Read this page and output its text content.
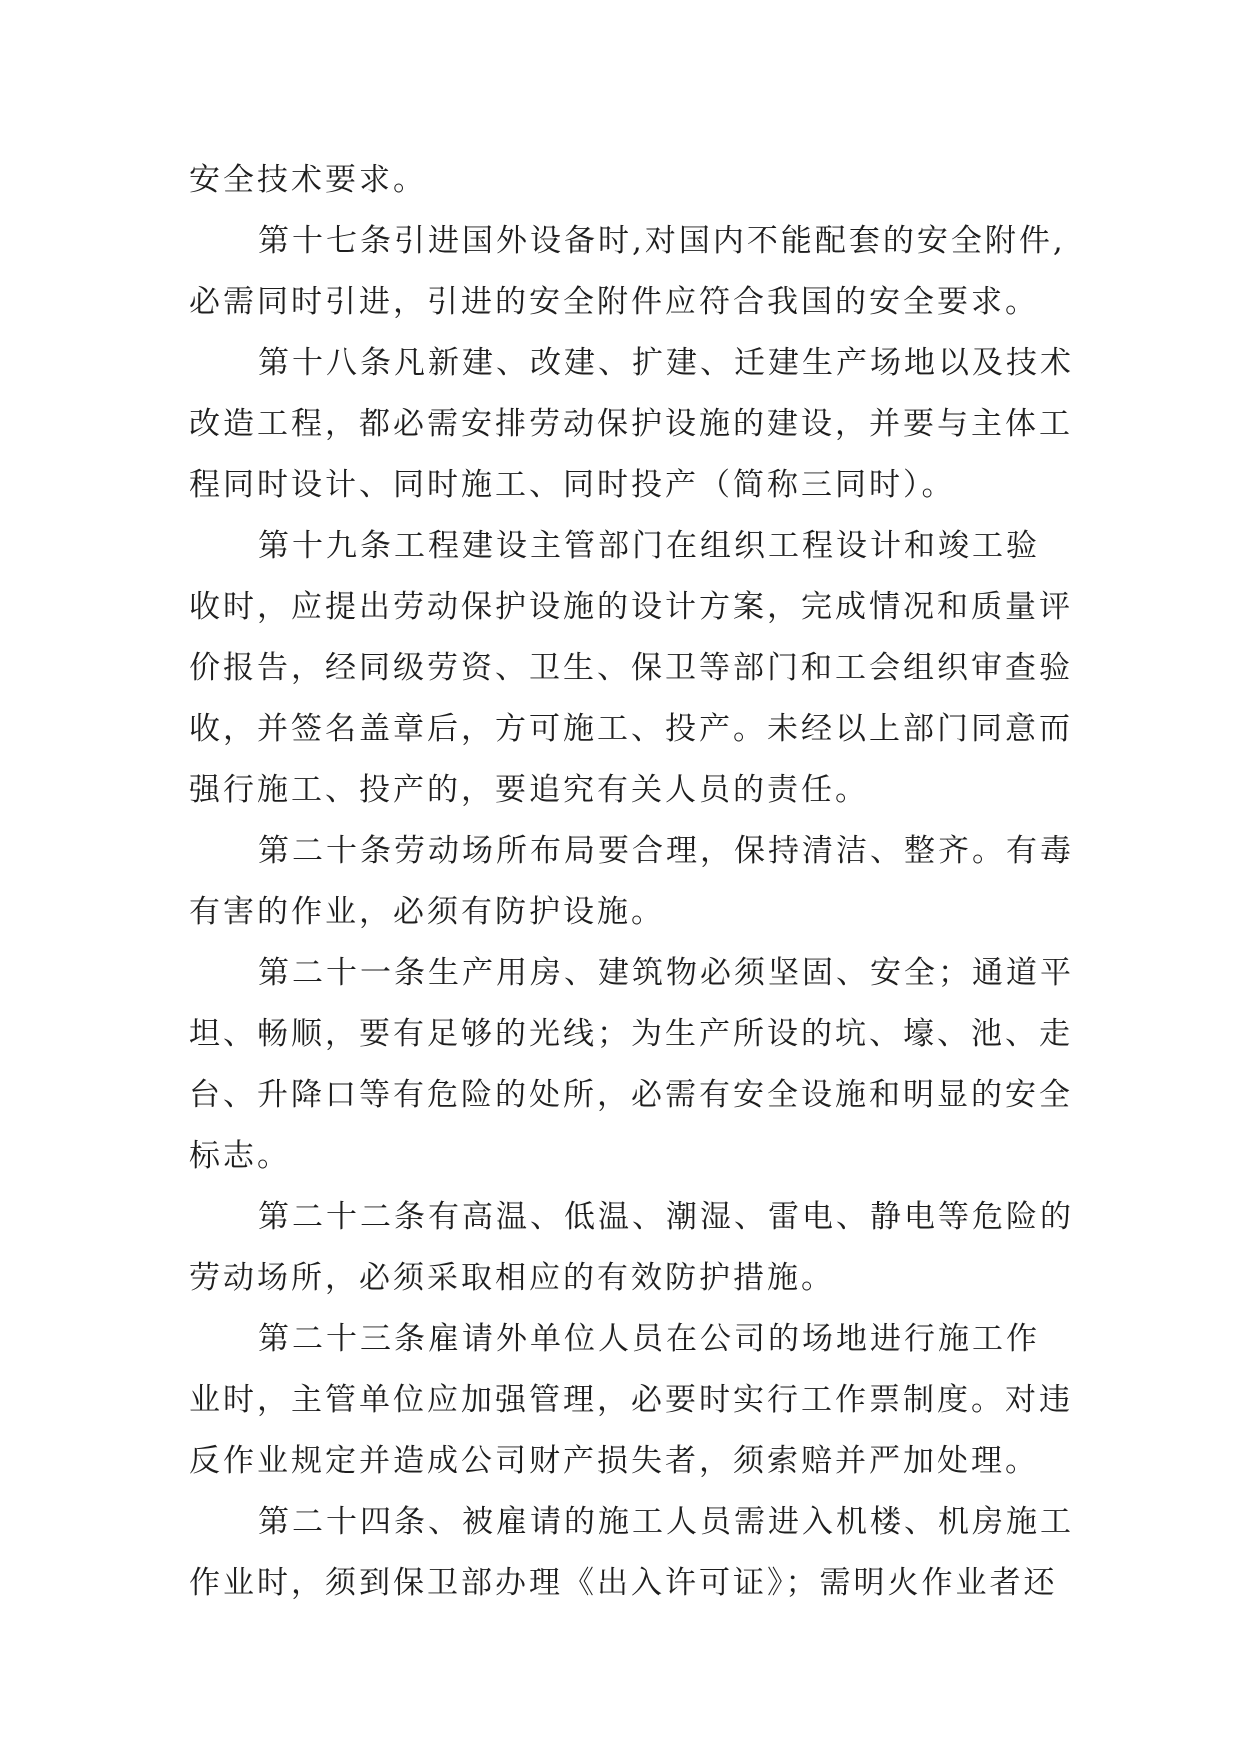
安全技术要求。
第十七条引进国外设备时,对国内不能配套的安全附件,
必需同时引进，引进的安全附件应符合我国的安全要求。
第十八条凡新建、改建、扩建、迁建生产场地以及技术
改造工程，都必需安排劳动保护设施的建设，并要与主体工
程同时设计、同时施工、同时投产（简称三同时）。
第十九条工程建设主管部门在组织工程设计和竣工验
收时，应提出劳动保护设施的设计方案，完成情况和质量评
价报告，经同级劳资、卫生、保卫等部门和工会组织审查验
收，并签名盖章后，方可施工、投产。未经以上部门同意而
强行施工、投产的，要追究有关人员的责任。
第二十条劳动场所布局要合理，保持清洁、整齐。有毒
有害的作业，必须有防护设施。
第二十一条生产用房、建筑物必须坚固、安全；通道平
坦、畅顺，要有足够的光线；为生产所设的坑、壕、池、走
台、升降口等有危险的处所，必需有安全设施和明显的安全
标志。
第二十二条有高温、低温、潮湿、雷电、静电等危险的
劳动场所，必须采取相应的有效防护措施。
第二十三条雇请外单位人员在公司的场地进行施工作
业时，主管单位应加强管理，必要时实行工作票制度。对违
反作业规定并造成公司财产损失者，须索赔并严加处理。
第二十四条、被雇请的施工人员需进入机楼、机房施工
作业时，须到保卫部办理《出入许可证》；需明火作业者还
